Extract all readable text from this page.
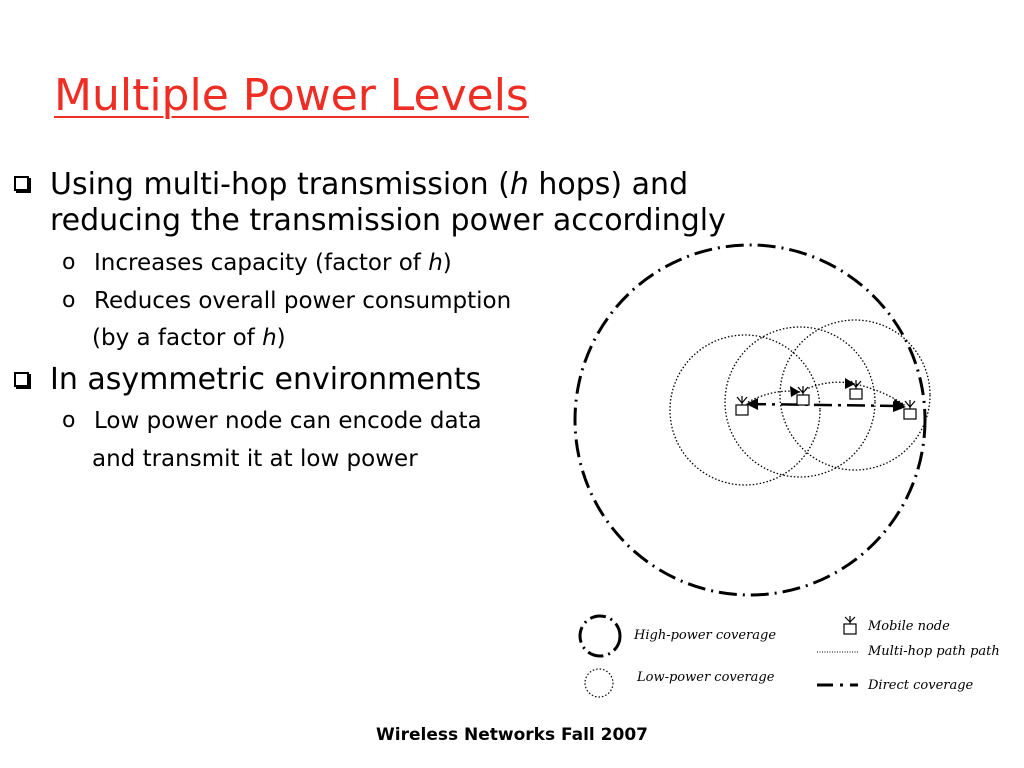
Multiple Power Levels
Using multi-hop transmission (h hops) and
reducing the transmission power accordingly
o Increases capacity (factor of h)
o Reduces overall power consumption
(by a factor of h)
In asymmetric environments
o Low power node can encode data
and transmit it at low power
High-power coverage
Low-power coverage
Mobile node
Multi-hop path path
Direct coverage
Wireless Networks Fall 2007
